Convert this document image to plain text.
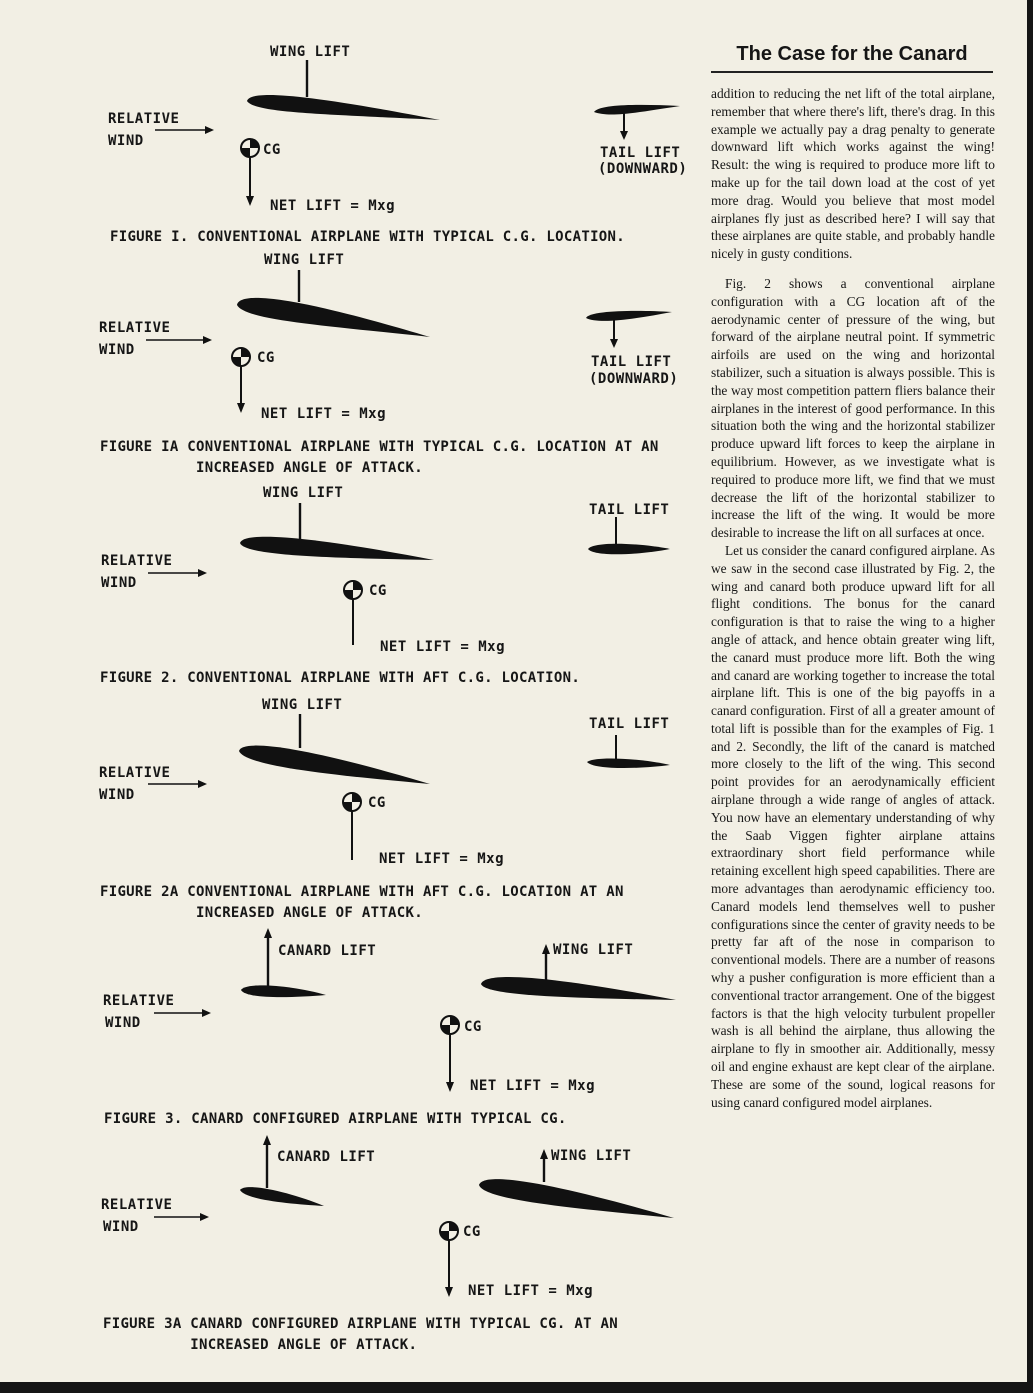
WING LIFT
RELATIVE
WIND
CG	TAIL LIFT
(DOWNWARD)
NET LIFT = Mxg
FIGURE I. CONVENTIONAL AIRPLANE WITH TYPICAL C.G. LOCATION.
WING LIFT
RELATIVE
WIND	CG	TAIL LIFT
(DOWNWARD)
NET LIFT = Mxg
FIGURE IA CONVENTIONAL AIRPLANE WITH TYPICAL C.G. LOCATION AT AN
INCREASED ANGLE OF ATTACK.
WING LIFT
TAIL LIFT
RELATIVE
WIND	CG
NET LIFT = Mxg
FIGURE 2. CONVENTIONAL AIRPLANE WITH AFT C.G. LOCATION.
WING LIFT
TAIL LIFT
RELATIVE
WIND	CG
NET LIFT = Mxg
FIGURE 2A CONVENTIONAL AIRPLANE WITH AFT C.G. LOCATION AT AN
INCREASED ANGLE OF ATTACK.
CANARD LIFT	WING LIFT
RELATIVE
WIND	CG
NET LIFT = Mxg
FIGURE 3. CANARD CONFIGURED AIRPLANE WITH TYPICAL CG.
CANARD LIFT	WING LIFT
RELATIVE
WIND	CG
NET LIFT = Mxg
FIGURE 3A CANARD CONFIGURED AIRPLANE WITH TYPICAL CG. AT AN
INCREASED ANGLE OF ATTACK.
The Case for the Canard

addition to reducing the net lift of the total airplane, remember that where there's lift, there's drag. In this example we actually pay a drag penalty to generate downward lift which works against the wing! Result: the wing is required to produce more lift to make up for the tail down load at the cost of yet more drag. Would you believe that most model airplanes fly just as described here? I will say that these airplanes are quite stable, and probably handle nicely in gusty conditions.

Fig. 2 shows a conventional airplane configuration with a CG location aft of the aerodynamic center of pressure of the wing, but forward of the airplane neutral point. If symmetric airfoils are used on the wing and horizontal stabilizer, such a situation is always possible. This is the way most competition pattern fliers balance their airplanes in the interest of good performance. In this situation both the wing and the horizontal stabilizer produce upward lift forces to keep the airplane in equilibrium. However, as we investigate what is required to produce more lift, we find that we must decrease the lift of the horizontal stabilizer to increase the lift of the wing. It would be more desirable to increase the lift on all surfaces at once.

Let us consider the canard configured airplane. As we saw in the second case illustrated by Fig. 2, the wing and canard both produce upward lift for all flight conditions. The bonus for the canard configuration is that to raise the wing to a higher angle of attack, and hence obtain greater wing lift, the canard must produce more lift. Both the wing and canard are working together to increase the total airplane lift. This is one of the big payoffs in a canard configuration. First of all a greater amount of total lift is possible than for the examples of Fig. 1 and 2. Secondly, the lift of the canard is matched more closely to the lift of the wing. This second point provides for an aerodynamically efficient airplane through a wide range of angles of attack. You now have an elementary understanding of why the Saab Viggen fighter airplane attains extraordinary short field performance while retaining excellent high speed capabilities. There are more advantages than aerodynamic efficiency too. Canard models lend themselves well to pusher configurations since the center of gravity needs to be pretty far aft of the nose in comparison to conventional models. There are a number of reasons why a pusher configuration is more efficient than a conventional tractor arrangement. One of the biggest factors is that the high velocity turbulent propeller wash is all behind the airplane, thus allowing the airplane to fly in smoother air. Additionally, messy oil and engine exhaust are kept clear of the airplane. These are some of the sound, logical reasons for using canard configured model airplanes.
